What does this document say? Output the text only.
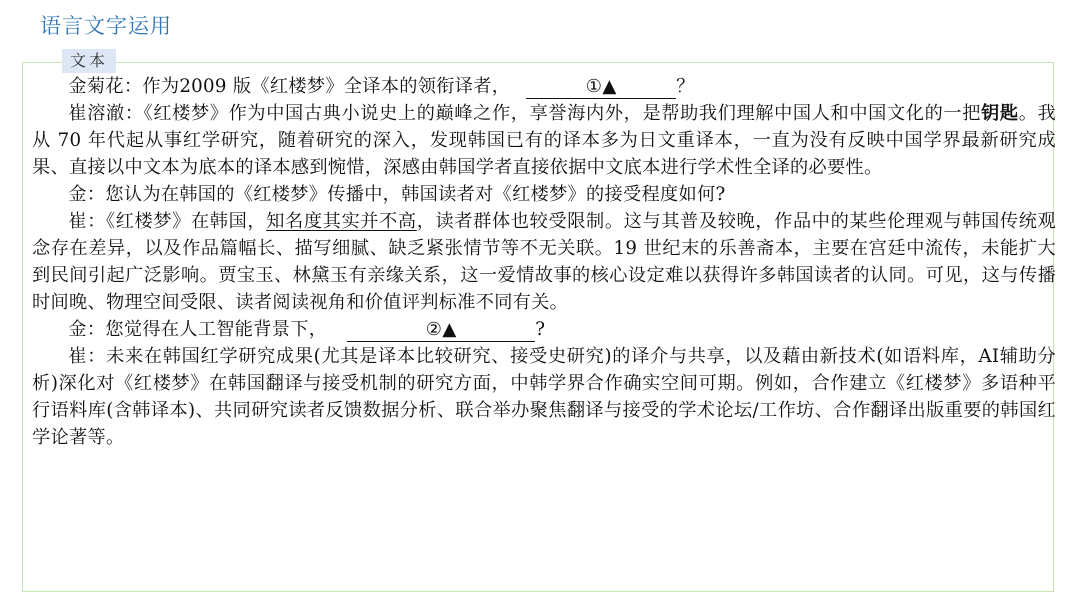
语言文字运用
文本

金菊花：作为2009 版《红楼梦》全译本的领衔译者，	①▲	？

崔溶澈：《红楼梦》作为中国古典小说史上的巅峰之作，享誉海内外，是帮助我们理解中国人和中国文化的一把钥匙。我从 70 年代起从事红学研究，随着研究的深入，发现韩国已有的译本多为日文重译本，一直为没有反映中国学界最新研究成果、直接以中文本为底本的译本感到惋惜，深感由韩国学者直接依据中文底本进行学术性全译的必要性。

金：您认为在韩国的《红楼梦》传播中，韩国读者对《红楼梦》的接受程度如何?

崔：《红楼梦》在韩国，知名度其实并不高，读者群体也较受限制。这与其普及较晚，作品中的某些伦理观与韩国传统观念存在差异，以及作品篇幅长、描写细腻、缺乏紧张情节等不无关联。19 世纪末的乐善斋本，主要在宫廷中流传，未能扩大到民间引起广泛影响。贾宝玉、林黛玉有亲缘关系，这一爱情故事的核心设定难以获得许多韩国读者的认同。可见，这与传播时间晚、物理空间受限、读者阅读视角和价值评判标准不同有关。

金：您觉得在人工智能背景下，	②▲	?

崔：未来在韩国红学研究成果(尤其是译本比较研究、接受史研究)的译介与共享，以及藉由新技术(如语料库，AI辅助分析)深化对《红楼梦》在韩国翻译与接受机制的研究方面，中韩学界合作确实空间可期。例如，合作建立《红楼梦》多语种平行语料库(含韩译本)、共同研究读者反馈数据分析、联合举办聚焦翻译与接受的学术论坛/工作坊、合作翻译出版重要的韩国红学论著等。
